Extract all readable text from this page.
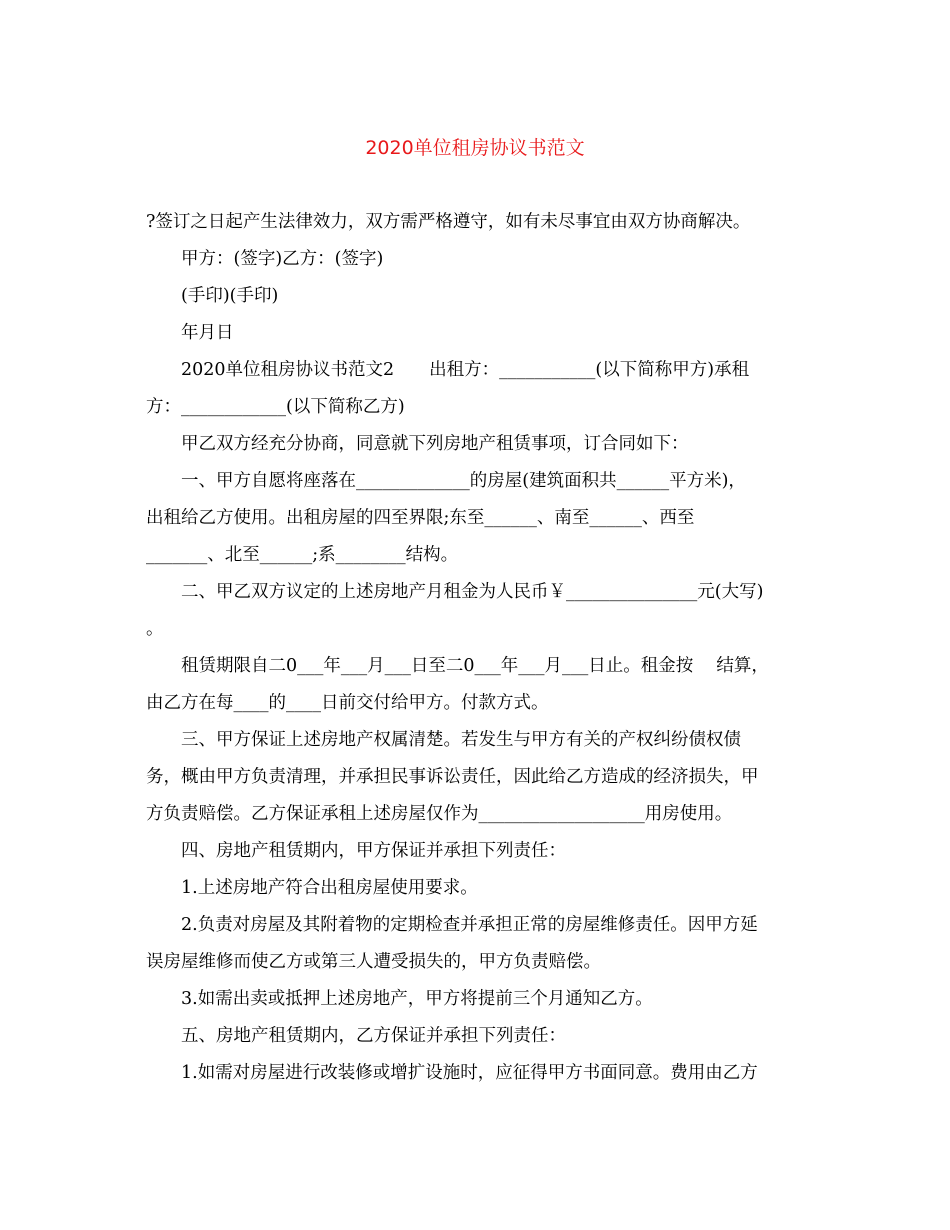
2020单位租房协议书范文
?签订之日起产生法律效力，双方需严格遵守，如有未尽事宜由双方协商解决。
甲方：(签字)乙方：(签字)
(手印)(手印)
年月日
2020单位租房协议书范文2　　出租方：___________(以下简称甲方)承租
方：____________(以下简称乙方)
甲乙双方经充分协商，同意就下列房地产租赁事项，订合同如下：
一、甲方自愿将座落在_____________的房屋(建筑面积共______平方米)，
出租给乙方使用。出租房屋的四至界限;东至______、南至______、西至
_______、北至______;系________结构。
二、甲乙双方议定的上述房地产月租金为人民币￥_______________元(大写)
。
租赁期限自二0___年___月___日至二0___年___月___日止。租金按　 结算，
由乙方在每____的____日前交付给甲方。付款方式。
三、甲方保证上述房地产权属清楚。若发生与甲方有关的产权纠纷债权债
务，概由甲方负责清理，并承担民事诉讼责任，因此给乙方造成的经济损失，甲
方负责赔偿。乙方保证承租上述房屋仅作为___________________用房使用。
四、房地产租赁期内，甲方保证并承担下列责任：
1.上述房地产符合出租房屋使用要求。
2.负责对房屋及其附着物的定期检查并承担正常的房屋维修责任。因甲方延
误房屋维修而使乙方或第三人遭受损失的，甲方负责赔偿。
3.如需出卖或抵押上述房地产，甲方将提前三个月通知乙方。
五、房地产租赁期内，乙方保证并承担下列责任：
1.如需对房屋进行改装修或增扩设施时，应征得甲方书面同意。费用由乙方
